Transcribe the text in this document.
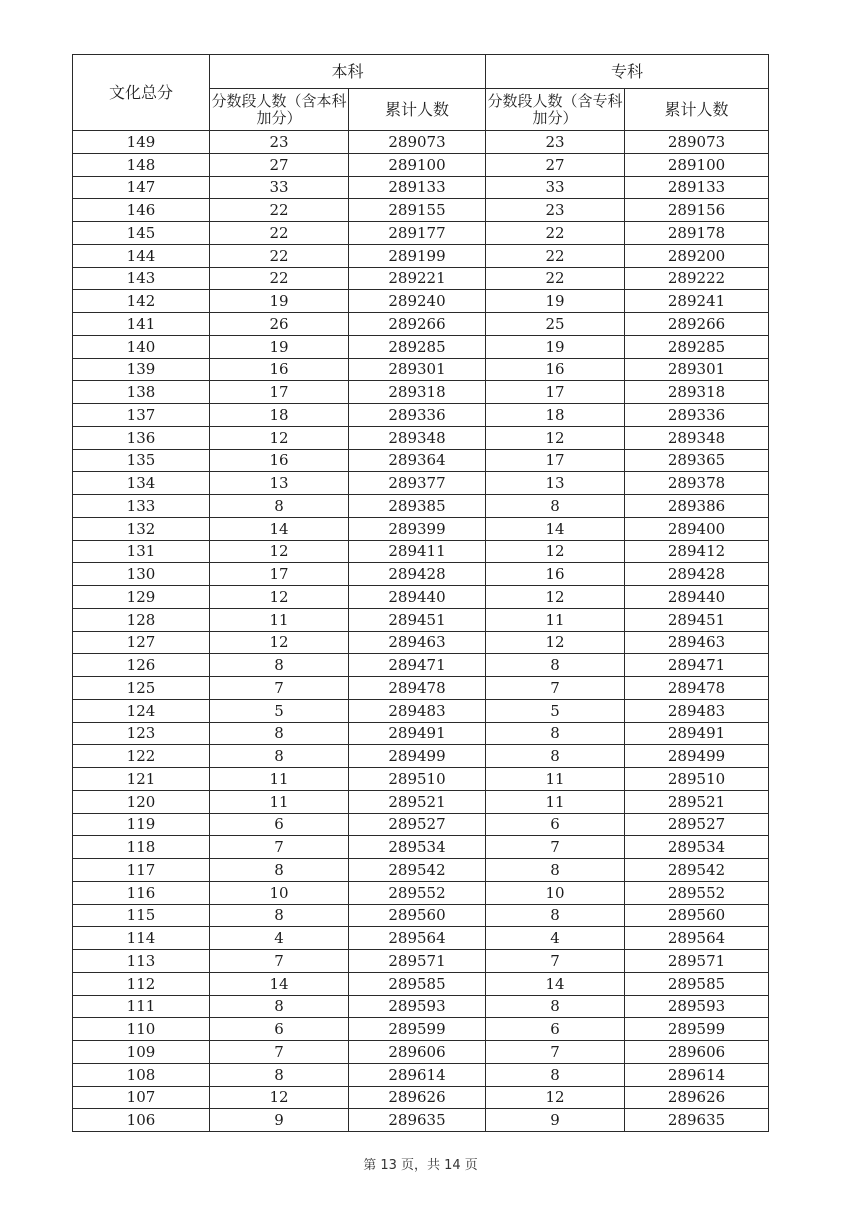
文化总分	本科		专科	
	分数段人数（含本科加分）	累计人数	分数段人数（含专科加分）	累计人数
149	23	289073	23	289073
148	27	289100	27	289100
147	33	289133	33	289133
146	22	289155	23	289156
145	22	289177	22	289178
144	22	289199	22	289200
143	22	289221	22	289222
142	19	289240	19	289241
141	26	289266	25	289266
140	19	289285	19	289285
139	16	289301	16	289301
138	17	289318	17	289318
137	18	289336	18	289336
136	12	289348	12	289348
135	16	289364	17	289365
134	13	289377	13	289378
133	8	289385	8	289386
132	14	289399	14	289400
131	12	289411	12	289412
130	17	289428	16	289428
129	12	289440	12	289440
128	11	289451	11	289451
127	12	289463	12	289463
126	8	289471	8	289471
125	7	289478	7	289478
124	5	289483	5	289483
123	8	289491	8	289491
122	8	289499	8	289499
121	11	289510	11	289510
120	11	289521	11	289521
119	6	289527	6	289527
118	7	289534	7	289534
117	8	289542	8	289542
116	10	289552	10	289552
115	8	289560	8	289560
114	4	289564	4	289564
113	7	289571	7	289571
112	14	289585	14	289585
111	8	289593	8	289593
110	6	289599	6	289599
109	7	289606	7	289606
108	8	289614	8	289614
107	12	289626	12	289626
106	9	289635	9	289635
第 13 页，共 14 页
